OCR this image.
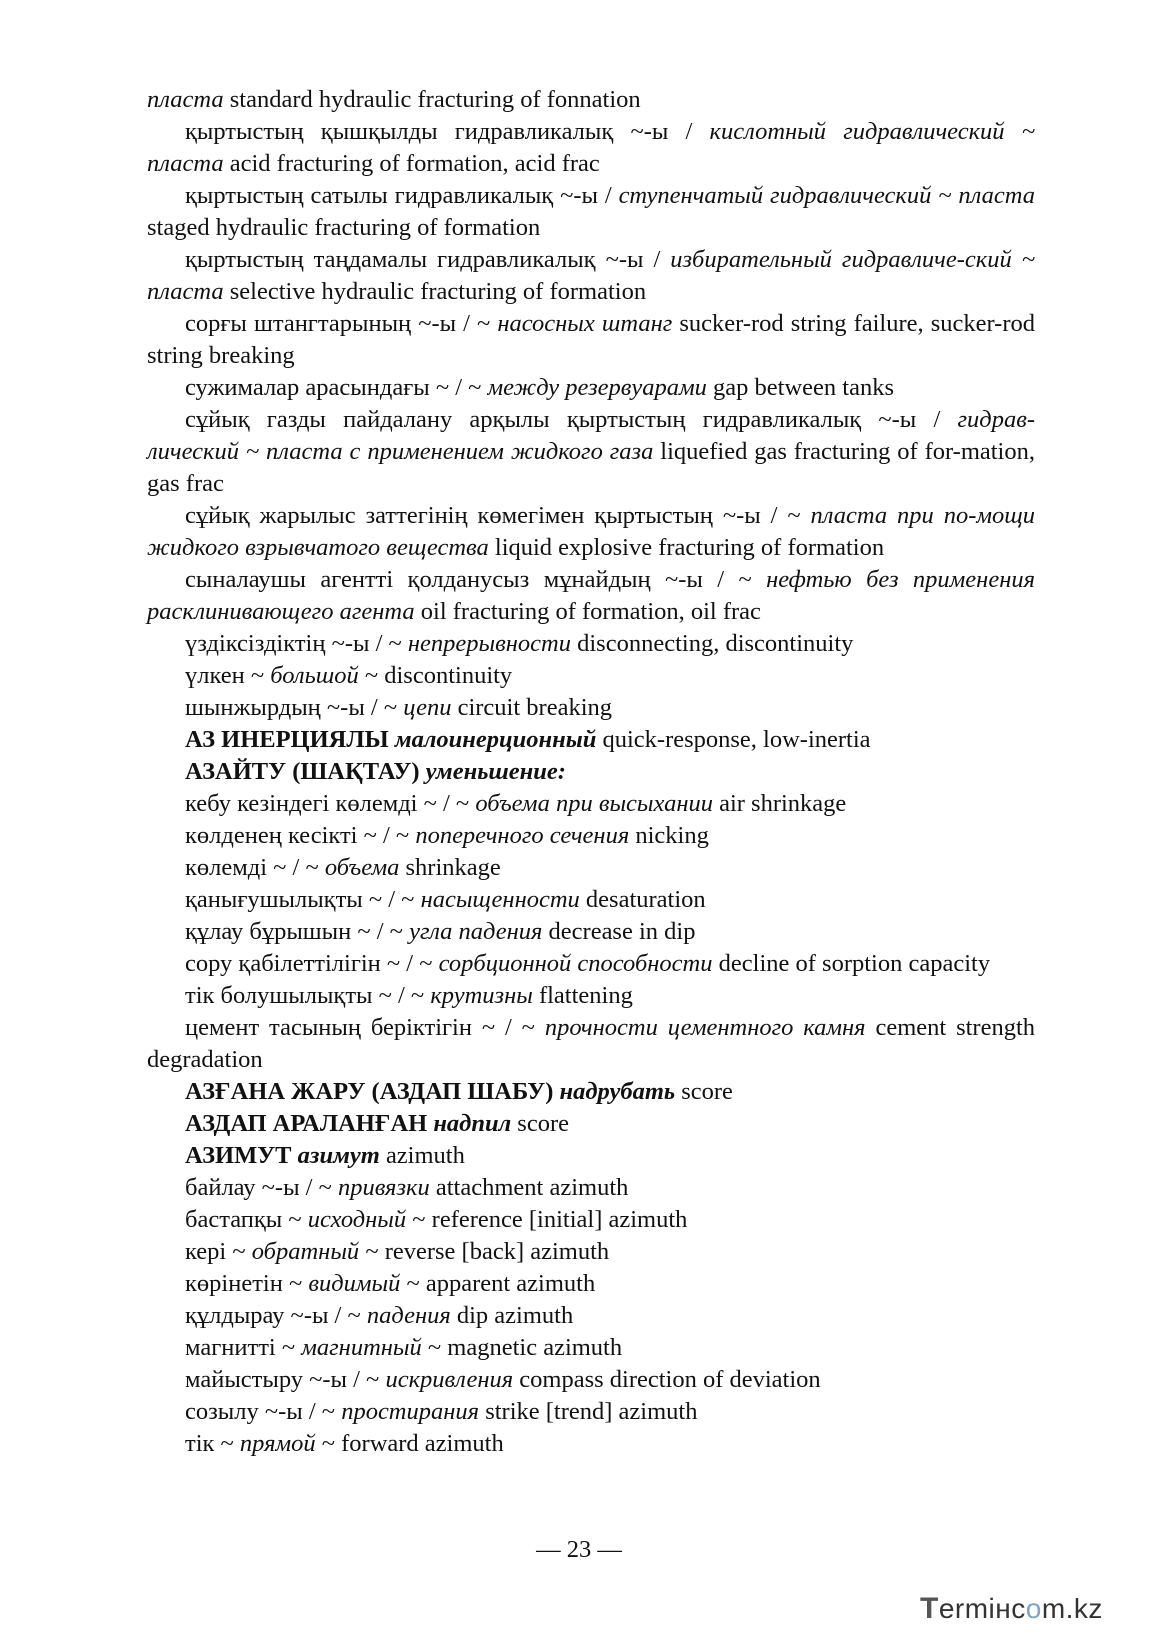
пласта standard hydraulic fracturing of fonnation

қыртыстың қышқылды гидравликалық ~-ы / кислотный гидравлический ~ пласта acid fracturing of formation, acid frac

қыртыстың сатылы гидравликалық ~-ы / ступенчатый гидравлический ~ пласта staged hydraulic fracturing of formation

қыртыстың таңдамалы гидравликалық ~-ы / избирательный гидравличе-ский ~ пласта selective hydraulic fracturing of formation

сорғы штангтарының ~-ы / ~ насосных штанг sucker-rod string failure, sucker-rod string breaking

сужималар арасындағы ~ / ~ между резервуарами gap between tanks

сұйық газды пайдалану арқылы қыртыстың гидравликалық ~-ы / гидрав-лический ~ пласта с применением жидкого газа liquefied gas fracturing of for-mation, gas frac

сұйық жарылыс заттегінің көмегімен қыртыстың ~-ы / ~ пласта при по-мощи жидкого взрывчатого вещества liquid explosive fracturing of formation

сыналаушы агентті қолданусыз мұнайдың ~-ы / ~ нефтью без применения расклинивающего агента oil fracturing of formation, oil frac

үздіксіздіктің ~-ы / ~ непрерывности disconnecting, discontinuity

үлкен ~ большой ~ discontinuity

шынжырдың ~-ы / ~ цепи circuit breaking

АЗ ИНЕРЦИЯЛЫ малоинерционный quick-response, low-inertia

АЗАЙТУ (ШАҚТАУ) уменьшение:

кебу кезіндегі көлемді ~ / ~ объема при высыхании air shrinkage

көлденең кесікті ~ / ~ поперечного сечения nicking

көлемді ~ / ~ объема shrinkage

қанығушылықты ~ / ~ насыщенности desaturation

құлау бұрышын ~ / ~ угла падения decrease in dip

сору қабілеттілігін ~ / ~ сорбционной способности decline of sorption capacity

тік болушылықты ~ / ~ крутизны flattening

цемент тасының беріктігін ~ / ~ прочности цементного камня cement strength degradation

АЗҒАНА ЖАРУ (АЗДАП ШАБУ) надрубать score

АЗДАП АРАЛАНҒАН надпил score

АЗИМУТ азимут azimuth

байлау ~-ы / ~ привязки attachment azimuth

бастапқы ~ исходный ~ reference [initial] azimuth

кері ~ обратный ~ reverse [back] azimuth

көрінетін ~ видимый ~ apparent azimuth

құлдырау ~-ы / ~ падения dip azimuth

магнитті ~ магнитный ~ magnetic azimuth

майыстыру ~-ы / ~ искривления compass direction of deviation

созылу ~-ы / ~ простирания strike [trend] azimuth

тік ~ прямой ~ forward azimuth

— 23 —
Termінсom.kz
